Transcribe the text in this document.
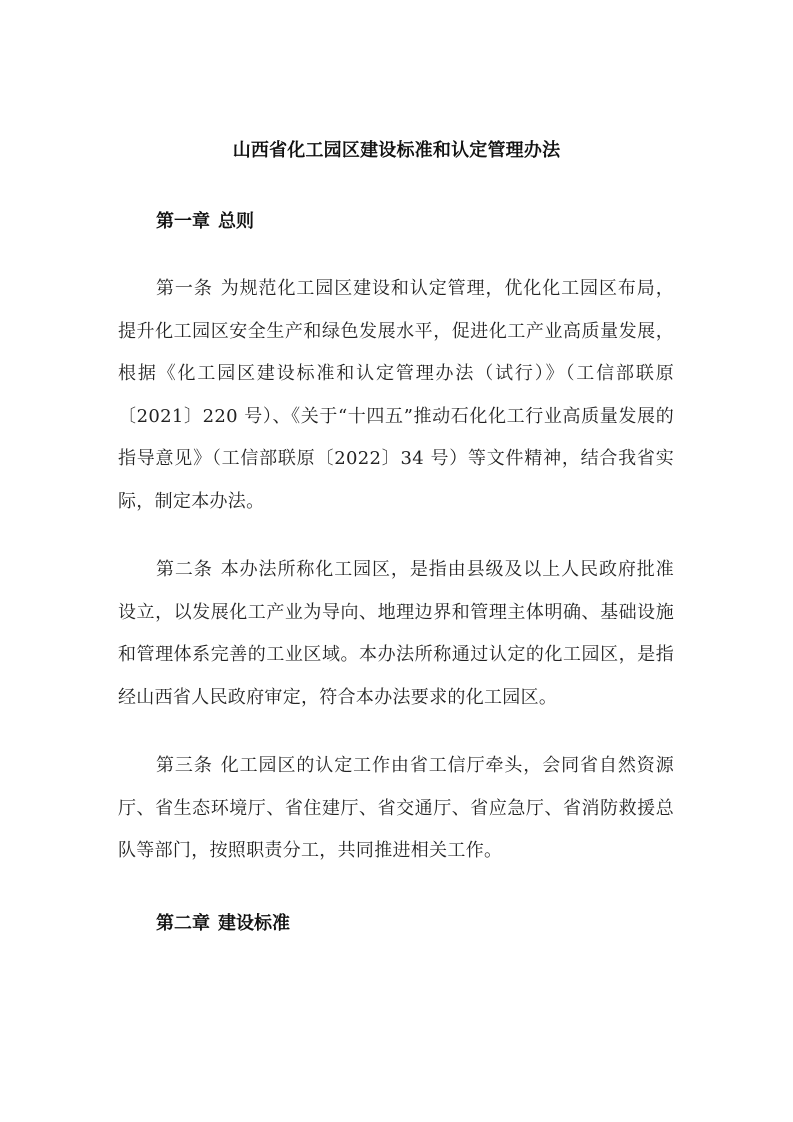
山西省化工园区建设标准和认定管理办法
第一章 总则
第一条 为规范化工园区建设和认定管理，优化化工园区布局，提升化工园区安全生产和绿色发展水平，促进化工产业高质量发展，根据《化工园区建设标准和认定管理办法（试行）》（工信部联原〔2021〕220 号）、《关于“十四五”推动石化化工行业高质量发展的指导意见》（工信部联原〔2022〕34 号）等文件精神，结合我省实际，制定本办法。
第二条 本办法所称化工园区，是指由县级及以上人民政府批准设立，以发展化工产业为导向、地理边界和管理主体明确、基础设施和管理体系完善的工业区域。本办法所称通过认定的化工园区，是指经山西省人民政府审定，符合本办法要求的化工园区。
第三条 化工园区的认定工作由省工信厅牵头，会同省自然资源厅、省生态环境厅、省住建厅、省交通厅、省应急厅、省消防救援总队等部门，按照职责分工，共同推进相关工作。
第二章 建设标准
